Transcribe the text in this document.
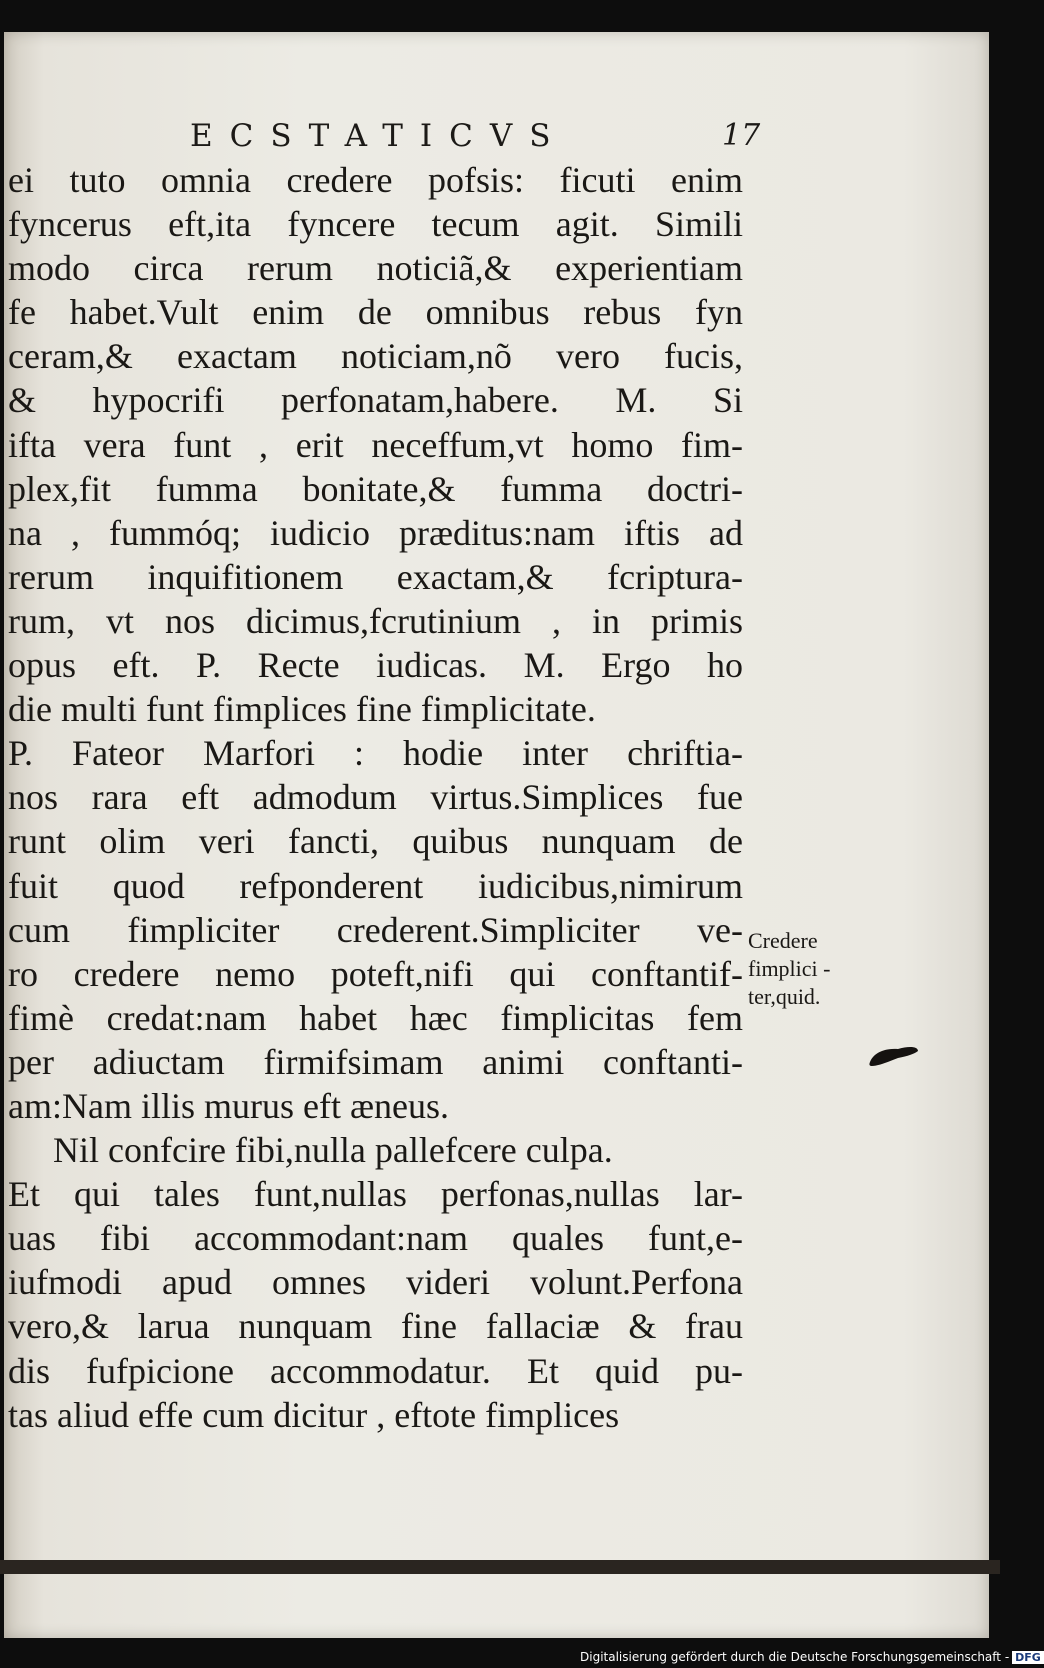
ECSTATICVS	17
ei tuto omnia credere pofsis: ficuti enim
fyncerus eft,ita fyncere tecum agit. Simili
modo circa rerum noticiã,& experientiam
fe habet.Vult enim de omnibus rebus fyn
ceram,& exactam noticiam,nõ vero fucis,
& hypocrifi perfonatam,habere. M. Si
ifta vera funt , erit neceffum,vt homo fim-
plex,fit fumma bonitate,& fumma doctri-
na , fummóq; iudicio præditus:nam iftis ad
rerum inquifitionem exactam,& fcriptura-
rum, vt nos dicimus,fcrutinium , in primis
opus eft. P. Recte iudicas. M. Ergo ho
die multi funt fimplices fine fimplicitate.
P. Fateor Marfori : hodie inter chriftia-
nos rara eft admodum virtus.Simplices fue
runt olim veri fancti, quibus nunquam de
fuit quod refponderent iudicibus,nimirum
cum fimpliciter crederent.Simpliciter ve-
ro credere nemo poteft,nifi qui conftantif-
fimè credat:nam habet hæc fimplicitas fem
per adiuctam firmifsimam animi conftanti-
am:Nam illis murus eft æneus.
Nil confcire fibi,nulla pallefcere culpa.
Et qui tales funt,nullas perfonas,nullas lar-
uas fibi accommodant:nam quales funt,e-
iufmodi apud omnes videri volunt.Perfona
vero,& larua nunquam fine fallaciæ & frau
dis fufpicione accommodatur. Et quid pu-
tas aliud effe cum dicitur , eftote fimplices
Credere
fimplici -
ter,quid.
Digitalisierung gefördert durch die Deutsche Forschungsgemeinschaft - DFG
